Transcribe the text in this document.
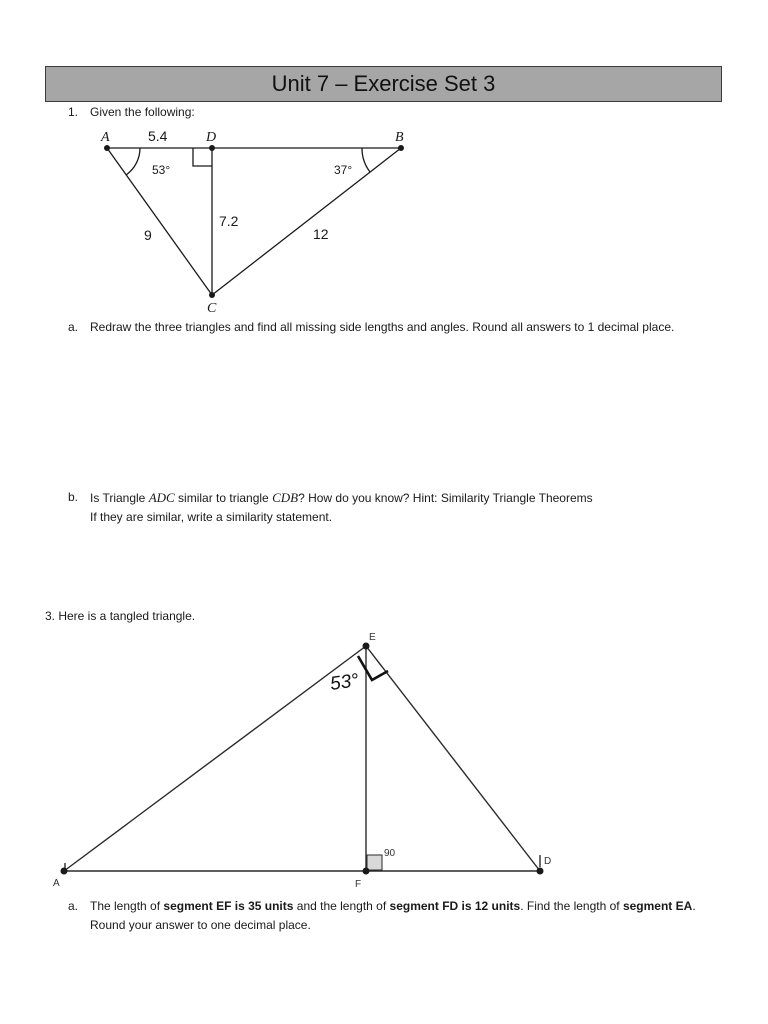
Unit 7 – Exercise Set 3
1. Given the following:
A	D	B
C
5.4
9
7.2
12
53°	37°
a. Redraw the three triangles and find all missing side lengths and angles. Round all answers to 1 decimal place.
b. Is Triangle ADC similar to triangle CDB? How do you know? Hint: Similarity Triangle Theorems
If they are similar, write a similarity statement.
3. Here is a tangled triangle.
E
A	F
D
90
53°
a. The length of segment EF is 35 units and the length of segment FD is 12 units. Find the length of segment EA.
Round your answer to one decimal place.
